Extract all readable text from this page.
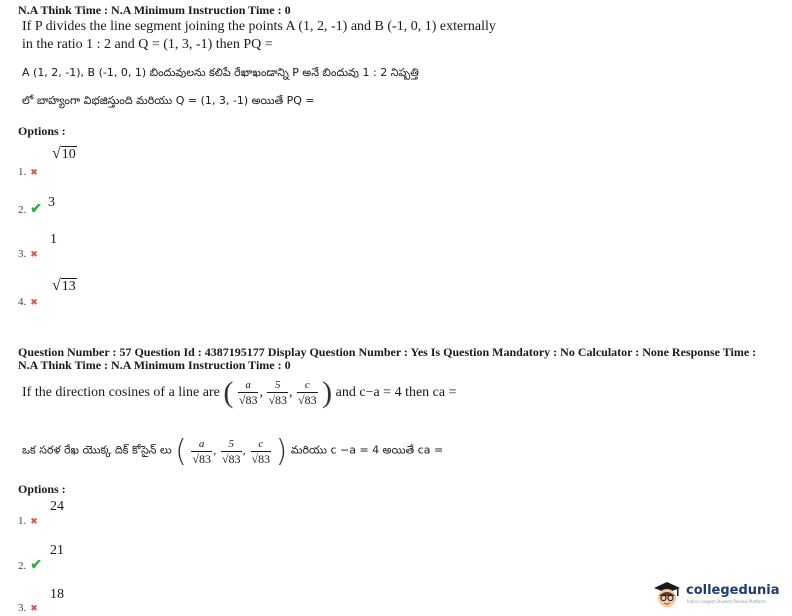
N.A Think Time : N.A Minimum Instruction Time : 0
If P divides the line segment joining the points A (1, 2, -1) and B (-1, 0, 1) externally
in the ratio 1 : 2 and Q = (1, 3, -1) then PQ =
A (1, 2, -1), B (-1, 0, 1) బిందువులను కలిపే రేఖాఖండాన్ని P అనే బిందువు 1 : 2 నిష్పత్తి
లో బాహ్యంగా విభజిస్తుంది మరియు Q = (1, 3, -1) అయితే PQ =
Options :
√10
1. ✖
3
2. ✔
1
3. ✖
√13
4. ✖
Question Number : 57 Question Id : 4387195177 Display Question Number : Yes Is Question Mandatory : No Calculator : None Response Time :
N.A Think Time : N.A Minimum Instruction Time : 0
If the direction cosines of a line are ( $\frac{a}{√83}$ , $\frac{5}{√83}$ , $\frac{c}{√83}$ ) and c−a = 4 then ca =
ఒక సరళ రేఖ యొక్క దిక్ కోసైన్ లు ( $\frac{a}{√83}$ , $\frac{5}{√83}$ , $\frac{c}{√83}$ ) మరియు c −a = 4 అయితే ca =
Options :
24
1. ✖
21
2. ✔
18
3. ✖
collegedunia
India's largest Student Review Platform
